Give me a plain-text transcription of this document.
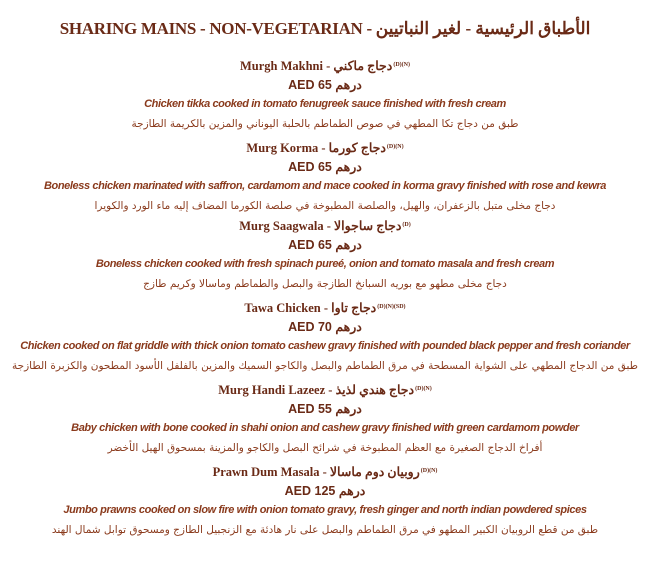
SHARING MAINS - NON-VEGETARIAN - الأطباق الرئيسية - لغير النباتيين
Murgh Makhni - دجاج ماكني$^{(D)(N)}$
AED 65 درهم
Chicken tikka cooked in tomato fenugreek sauce finished with fresh cream
طبق من دجاج تكا المطهي في صوص الطماطم بالحلبة اليوناني والمزين بالكريمة الطازجة
Murg Korma - دجاج كورما$^{(D)(N)}$
AED 65 درهم
Boneless chicken marinated with saffron, cardamom and mace cooked in korma gravy finished with rose and kewra
دجاج مخلى متبل بالزعفران، والهيل، والصلصة المطبوخة في صلصة الكورما المضاف إليه ماء الورد والكويرا
Murg Saagwala - دجاج ساجوالا$^{(D)}$
AED 65 درهم
Boneless chicken cooked with fresh spinach pureé, onion and tomato masala and fresh cream
دجاج مخلى مطهو مع بوريه السبانخ الطازجة والبصل والطماطم وماسالا وكريم طازج
Tawa Chicken - دجاج تاوا$^{(D)(N)(SD)}$
AED 70 درهم
Chicken cooked on flat griddle with thick onion tomato cashew gravy finished with pounded black pepper and fresh coriander
طبق من الدجاج المطهي على الشواية المسطحة في مرق الطماطم والبصل والكاجو السميك والمزين بالفلفل الأسود المطحون والكزبرة الطازجة
Murg Handi Lazeez - دجاج هندي لذيذ$^{(D)(N)}$
AED 55 درهم
Baby chicken with bone cooked in shahi onion and cashew gravy finished with green cardamom powder
أفراخ الدجاج الصغيرة مع العظم المطبوخة في شرائح البصل والكاجو والمزينة بمسحوق الهيل الأخضر
Prawn Dum Masala - روبيان دوم ماسالا$^{(D)(N)}$
AED 125 درهم
Jumbo prawns cooked on slow fire with onion tomato gravy, fresh ginger and north indian powdered spices
طبق من قطع الروبيان الكبير المطهو في مرق الطماطم والبصل على نار هادئة مع الزنجبيل الطازج ومسحوق توابل شمال الهند
